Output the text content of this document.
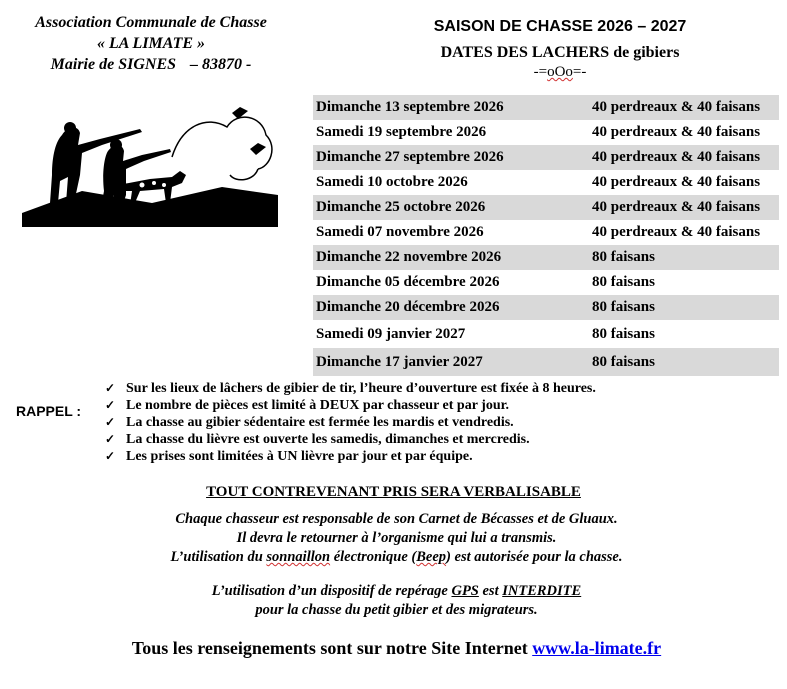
Association Communale de Chasse
« LA LIMATE »
Mairie de SIGNES – 83870 -
SAISON DE CHASSE 2026 – 2027
DATES DES LACHERS de gibiers
-=oOo=-
Dimanche 13 septembre 2026	40 perdreaux & 40 faisans
Samedi 19 septembre 2026	40 perdreaux & 40 faisans
Dimanche 27 septembre 2026	40 perdreaux & 40 faisans
Samedi 10 octobre 2026	40 perdreaux & 40 faisans
Dimanche 25 octobre 2026	40 perdreaux & 40 faisans
Samedi 07 novembre 2026	40 perdreaux & 40 faisans
Dimanche 22 novembre 2026	80 faisans
Dimanche 05 décembre 2026	80 faisans
Dimanche 20 décembre 2026	80 faisans
Samedi 09 janvier 2027	80 faisans
Dimanche 17 janvier 2027	80 faisans
RAPPEL :
✓ Sur les lieux de lâchers de gibier de tir, l’heure d’ouverture est fixée à 8 heures.
✓ Le nombre de pièces est limité à DEUX par chasseur et par jour.
✓ La chasse au gibier sédentaire est fermée les mardis et vendredis.
✓ La chasse du lièvre est ouverte les samedis, dimanches et mercredis.
✓ Les prises sont limitées à UN lièvre par jour et par équipe.
TOUT CONTREVENANT PRIS SERA VERBALISABLE
Chaque chasseur est responsable de son Carnet de Bécasses et de Gluaux.
Il devra le retourner à l’organisme qui lui a transmis.
L’utilisation du sonnaillon électronique (Beep) est autorisée pour la chasse.
L’utilisation d’un dispositif de repérage GPS est INTERDITE
pour la chasse du petit gibier et des migrateurs.
Tous les renseignements sont sur notre Site Internet www.la-limate.fr
